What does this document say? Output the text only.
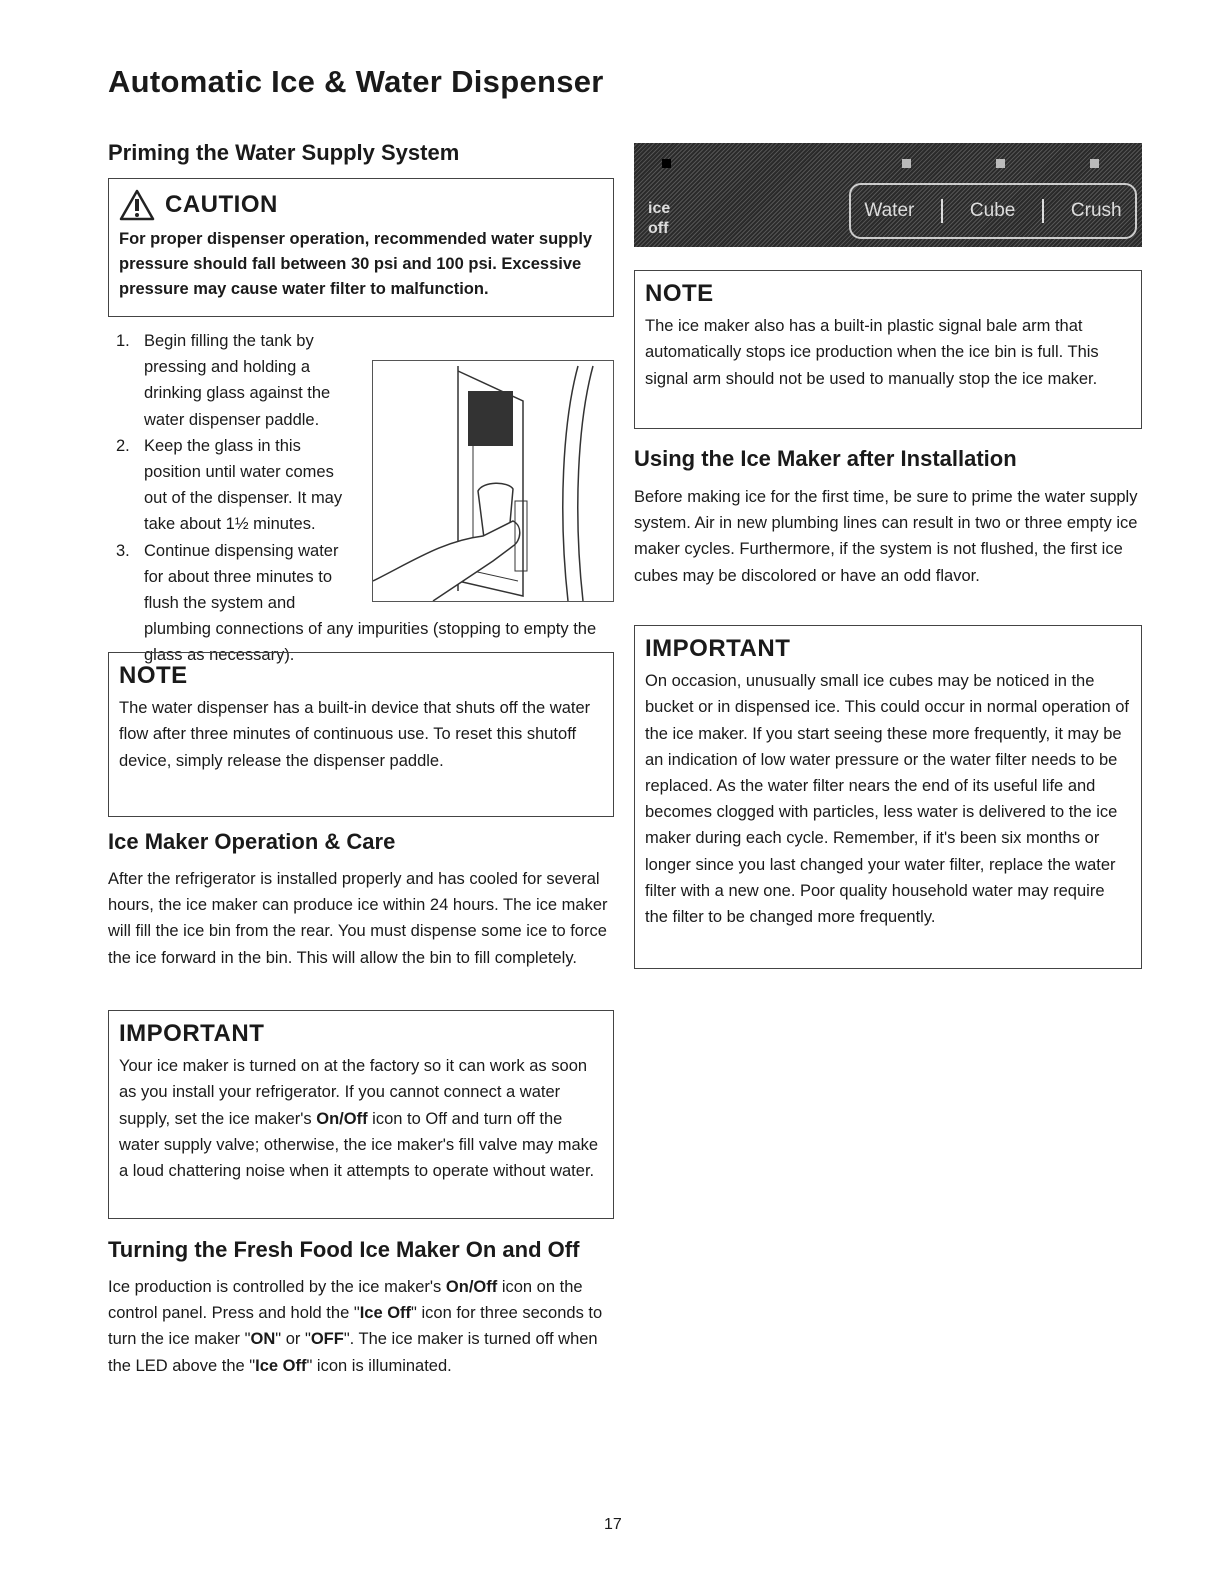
Automatic Ice & Water Dispenser
Priming the Water Supply System
CAUTION

For proper dispenser operation, recommended water supply pressure should fall between 30 psi and 100 psi. Excessive pressure may cause water filter to malfunction.

1. Begin filling the tank by pressing and holding a drinking glass against the water dispenser paddle.
2. Keep the glass in this position until water comes out of the dispenser. It may take about 1½ minutes.
3. Continue dispensing water for about three minutes to flush the system and plumbing connections of any impurities (stopping to empty the glass as necessary).
NOTE

The water dispenser has a built-in device that shuts off the water flow after three minutes of continuous use. To reset this shutoff device, simply release the dispenser paddle.

Ice Maker Operation & Care

After the refrigerator is installed properly and has cooled for several hours, the ice maker can produce ice within 24 hours. The ice maker will fill the ice bin from the rear. You must dispense some ice to force the ice forward in the bin. This will allow the bin to fill completely.

IMPORTANT

Your ice maker is turned on at the factory so it can work as soon as you install your refrigerator. If you cannot connect a water supply, set the ice maker's On/Off icon to Off and turn off the water supply valve; otherwise, the ice maker's fill valve may make a loud chattering noise when it attempts to operate without water.

Turning the Fresh Food Ice Maker On and Off

Ice production is controlled by the ice maker's On/Off icon on the control panel. Press and hold the "Ice Off" icon for three seconds to turn the ice maker "ON" or "OFF". The ice maker is turned off when the LED above the "Ice Off" icon is illuminated.

ice
off
Water	Cube	Crush
NOTE

The ice maker also has a built-in plastic signal bale arm that automatically stops ice production when the ice bin is full. This signal arm should not be used to manually stop the ice maker.

Using the Ice Maker after Installation

Before making ice for the first time, be sure to prime the water supply system. Air in new plumbing lines can result in two or three empty ice maker cycles. Furthermore, if the system is not flushed, the first ice cubes may be discolored or have an odd flavor.

IMPORTANT

On occasion, unusually small ice cubes may be noticed in the bucket or in dispensed ice. This could occur in normal operation of the ice maker. If you start seeing these more frequently, it may be an indication of low water pressure or the water filter needs to be replaced. As the water filter nears the end of its useful life and becomes clogged with particles, less water is delivered to the ice maker during each cycle. Remember, if it's been six months or longer since you last changed your water filter, replace the water filter with a new one. Poor quality household water may require the filter to be changed more frequently.

17
